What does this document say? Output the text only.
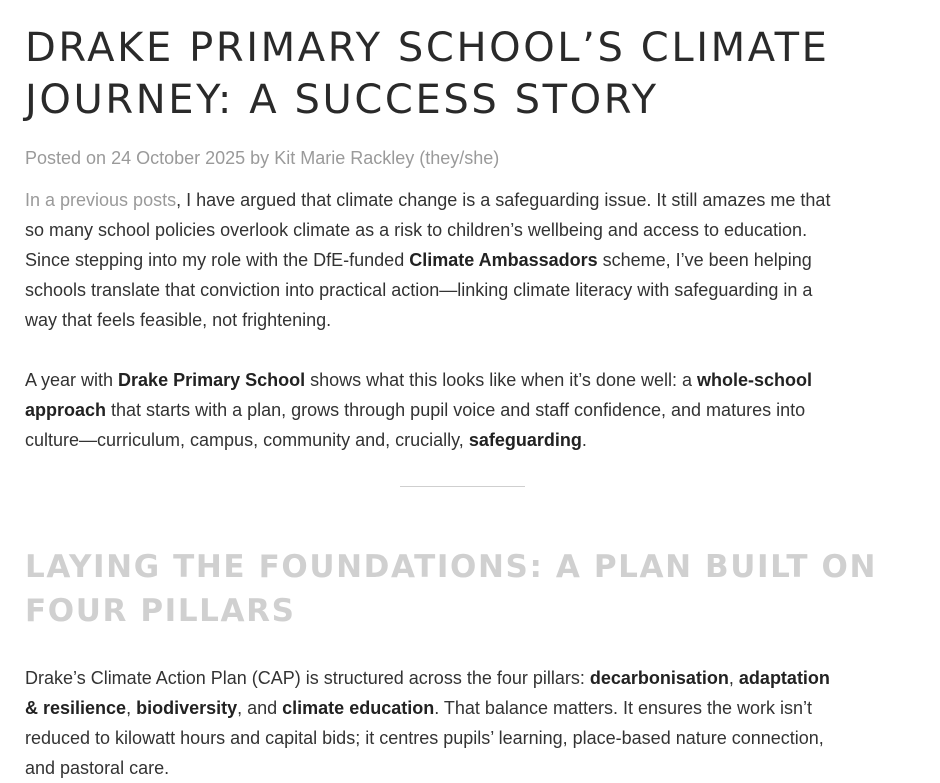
DRAKE PRIMARY SCHOOL’S CLIMATE
JOURNEY: A SUCCESS STORY
Posted on 24 October 2025 by Kit Marie Rackley (they/she)

In a previous posts, I have argued that climate change is a safeguarding issue. It still amazes me that
so many school policies overlook climate as a risk to children’s wellbeing and access to education.
Since stepping into my role with the DfE-funded Climate Ambassadors scheme, I’ve been helping
schools translate that conviction into practical action—linking climate literacy with safeguarding in a
way that feels feasible, not frightening.

A year with Drake Primary School shows what this looks like when it’s done well: a whole-school
approach that starts with a plan, grows through pupil voice and staff confidence, and matures into
culture—curriculum, campus, community and, crucially, safeguarding.

LAYING THE FOUNDATIONS: A PLAN BUILT ON
FOUR PILLARS

Drake’s Climate Action Plan (CAP) is structured across the four pillars: decarbonisation, adaptation
& resilience, biodiversity, and climate education. That balance matters. It ensures the work isn’t
reduced to kilowatt hours and capital bids; it centres pupils’ learning, place-based nature connection,
and pastoral care.
